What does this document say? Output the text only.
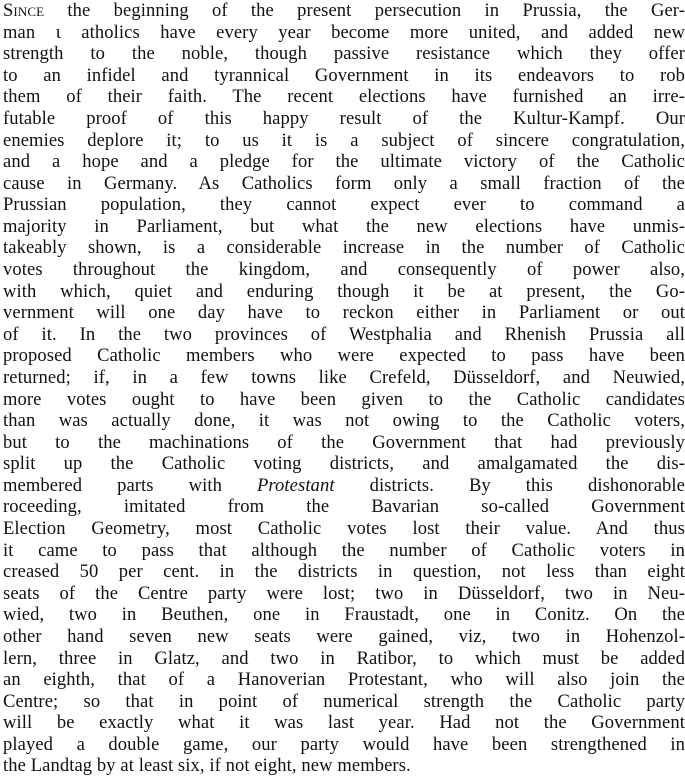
Since the beginning of the present persecution in Prussia, the Ger-
man ι atholics have every year become more united, and added new
strength to the noble, though passive resistance which they offer
to an infidel and tyrannical Government in its endeavors to rob
them of their faith. The recent elections have furnished an irre-
futable proof of this happy result of the Kultur-Kampf. Our
enemies deplore it; to us it is a subject of sincere congratulation,
and a hope and a pledge for the ultimate victory of the Catholic
cause in Germany. As Catholics form only a small fraction of the
Prussian population, they cannot expect ever to command a
majority in Parliament, but what the new elections have unmis-
takeably shown, is a considerable increase in the number of Catholic
votes throughout the kingdom, and consequently of power also,
with which, quiet and enduring though it be at present, the Go-
vernment will one day have to reckon either in Parliament or out
of it. In the two provinces of Westphalia and Rhenish Prussia all
proposed Catholic members who were expected to pass have been
returned; if, in a few towns like Crefeld, Düsseldorf, and Neuwied,
more votes ought to have been given to the Catholic candidates
than was actually done, it was not owing to the Catholic voters,
but to the machinations of the Government that had previously
split up the Catholic voting districts, and amalgamated the dis-
membered parts with Protestant districts. By this dishonorable
roceeding, imitated from the Bavarian so-called Government
Election Geometry, most Catholic votes lost their value. And thus
it came to pass that although the number of Catholic voters in
creased 50 per cent. in the districts in question, not less than eight
seats of the Centre party were lost; two in Düsseldorf, two in Neu-
wied, two in Beuthen, one in Fraustadt, one in Conitz. On the
other hand seven new seats were gained, viz, two in Hohenzol-
lern, three in Glatz, and two in Ratibor, to which must be added
an eighth, that of a Hanoverian Protestant, who will also join the
Centre; so that in point of numerical strength the Catholic party
will be exactly what it was last year. Had not the Government
played a double game, our party would have been strengthened in
the Landtag by at least six, if not eight, new members.
